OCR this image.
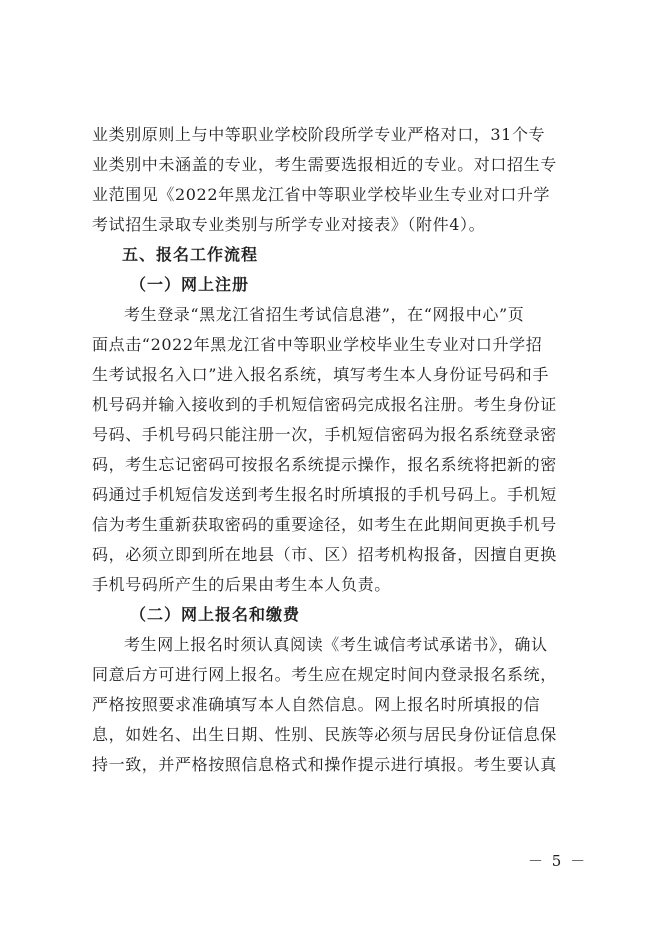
业类别原则上与中等职业学校阶段所学专业严格对口，31个专
业类别中未涵盖的专业，考生需要选报相近的专业。对口招生专
业范围见《2022年黑龙江省中等职业学校毕业生专业对口升学
考试招生录取专业类别与所学专业对接表》（附件4）。
五、报名工作流程
（一）网上注册
考生登录“黑龙江省招生考试信息港”，在“网报中心”页
面点击“2022年黑龙江省中等职业学校毕业生专业对口升学招
生考试报名入口”进入报名系统，填写考生本人身份证号码和手
机号码并输入接收到的手机短信密码完成报名注册。考生身份证
号码、手机号码只能注册一次，手机短信密码为报名系统登录密
码，考生忘记密码可按报名系统提示操作，报名系统将把新的密
码通过手机短信发送到考生报名时所填报的手机号码上。手机短
信为考生重新获取密码的重要途径，如考生在此期间更换手机号
码，必须立即到所在地县（市、区）招考机构报备，因擅自更换
手机号码所产生的后果由考生本人负责。
（二）网上报名和缴费
考生网上报名时须认真阅读《考生诚信考试承诺书》，确认
同意后方可进行网上报名。考生应在规定时间内登录报名系统，
严格按照要求准确填写本人自然信息。网上报名时所填报的信
息，如姓名、出生日期、性别、民族等必须与居民身份证信息保
持一致，并严格按照信息格式和操作提示进行填报。考生要认真
－ 5 －
